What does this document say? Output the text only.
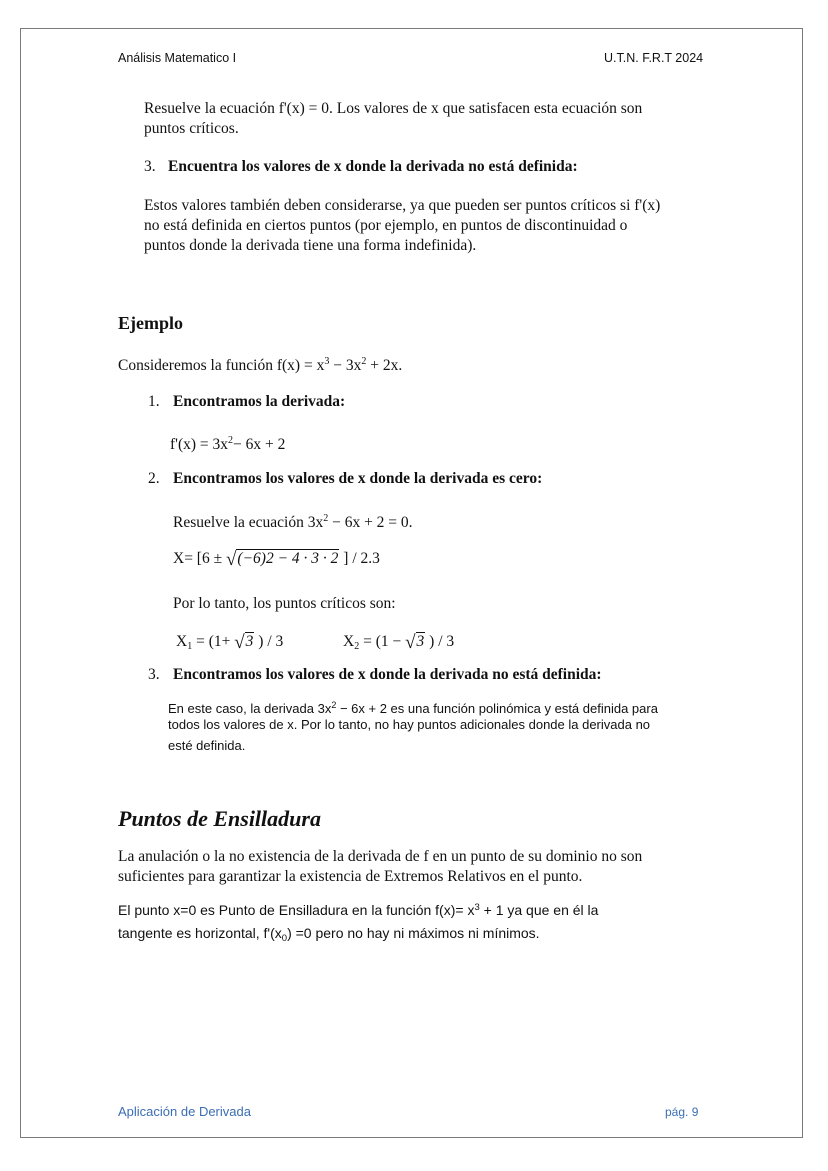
Análisis Matematico I	U.T.N. F.R.T 2024
Resuelve la ecuación f'(x) = 0. Los valores de x que satisfacen esta ecuación son
puntos críticos.
3. Encuentra los valores de x donde la derivada no está definida:
Estos valores también deben considerarse, ya que pueden ser puntos críticos si f'(x)
no está definida en ciertos puntos (por ejemplo, en puntos de discontinuidad o
puntos donde la derivada tiene una forma indefinida).
Ejemplo
Consideremos la función $f(x) = x^3 - 3x^2 + 2x$.
1. Encontramos la derivada:
$f'(x) = 3x^2- 6x + 2$
2. Encontramos los valores de x donde la derivada es cero:
Resuelve la ecuación $3x^2 - 6x + 2 = 0$.
X= [6 ± √(−6)2 − 4 · 3 · 2 ] / 2.3
Por lo tanto, los puntos críticos son:
$X_1 = (1+ √3$ ) / 3	$X_2 = (1 - √3$ ) / 3
3. Encontramos los valores de x donde la derivada no está definida:
En este caso, la derivada $3x^2 - 6x + 2$ es una función polinómica y está definida para
todos los valores de x. Por lo tanto, no hay puntos adicionales donde la derivada no
esté definida.
Puntos de Ensilladura
La anulación o la no existencia de la derivada de f en un punto de su dominio no son
suficientes para garantizar la existencia de Extremos Relativos en el punto.
El punto x=0 es Punto de Ensilladura en la función $f(x)= x^3 + 1$ ya que en él la
tangente es horizontal, $f'(x_0) =0$ pero no hay ni máximos ni mínimos.
Aplicación de Derivada	pág. 9
